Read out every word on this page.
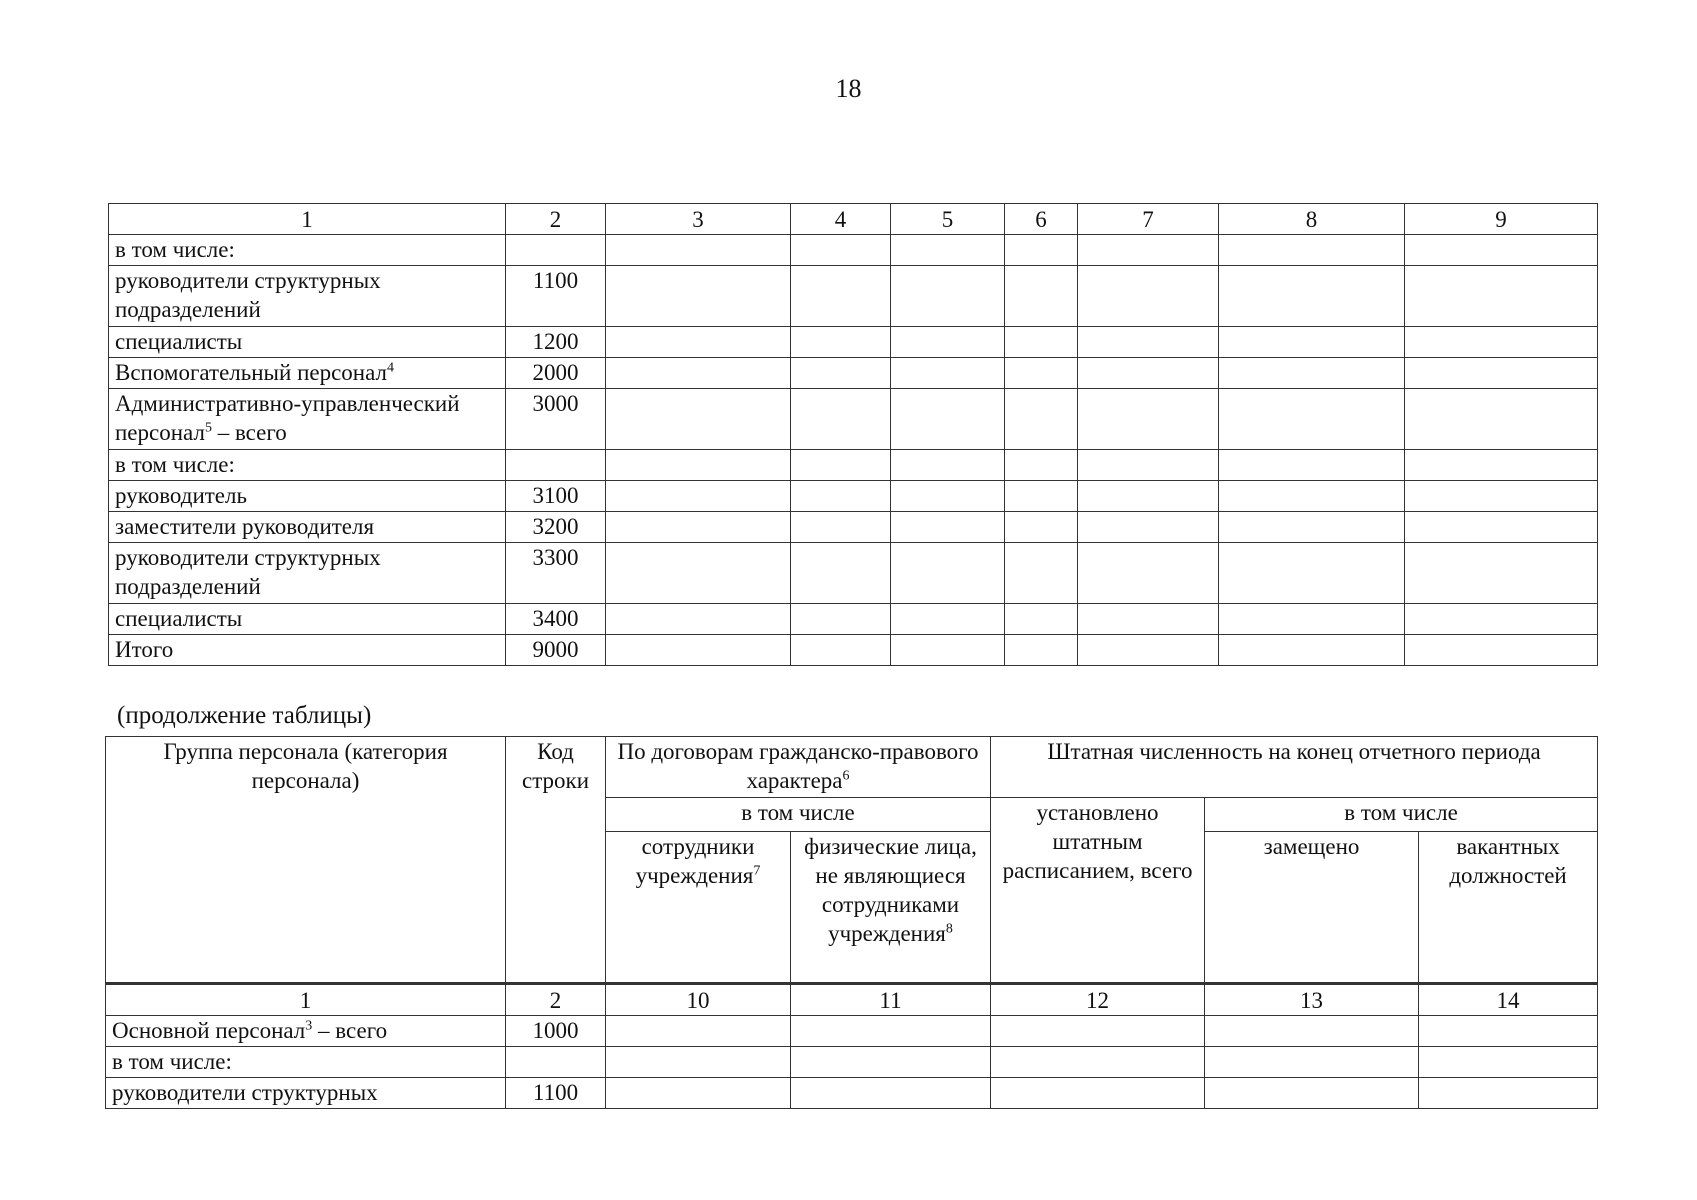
18
1	2	3	4	5	6	7	8	9
в том числе:								
руководители структурных подразделений	1100							
специалисты	1200							
Вспомогательный персонал$^4$	2000							
Административно-управленческий персонал$^5$ – всего	3000							
в том числе:								
руководитель	3100							
заместители руководителя	3200							
руководители структурных подразделений	3300							
специалисты	3400							
Итого	9000							
(продолжение таблицы)
Группа персонала (категория персонала)	Код строки	По договорам гражданско-правового характера$^6$		Штатная численность на конец отчетного периода		
		в том числе		установлено штатным расписанием, всего	в том числе	
		сотрудники учреждения$^7$	физические лица, не являющиеся сотрудниками учреждения$^8$		замещено	вакантных должностей
1	2	10	11	12	13	14
Основной персонал$^3$ – всего	1000					
в том числе:						
руководители структурных	1100					
